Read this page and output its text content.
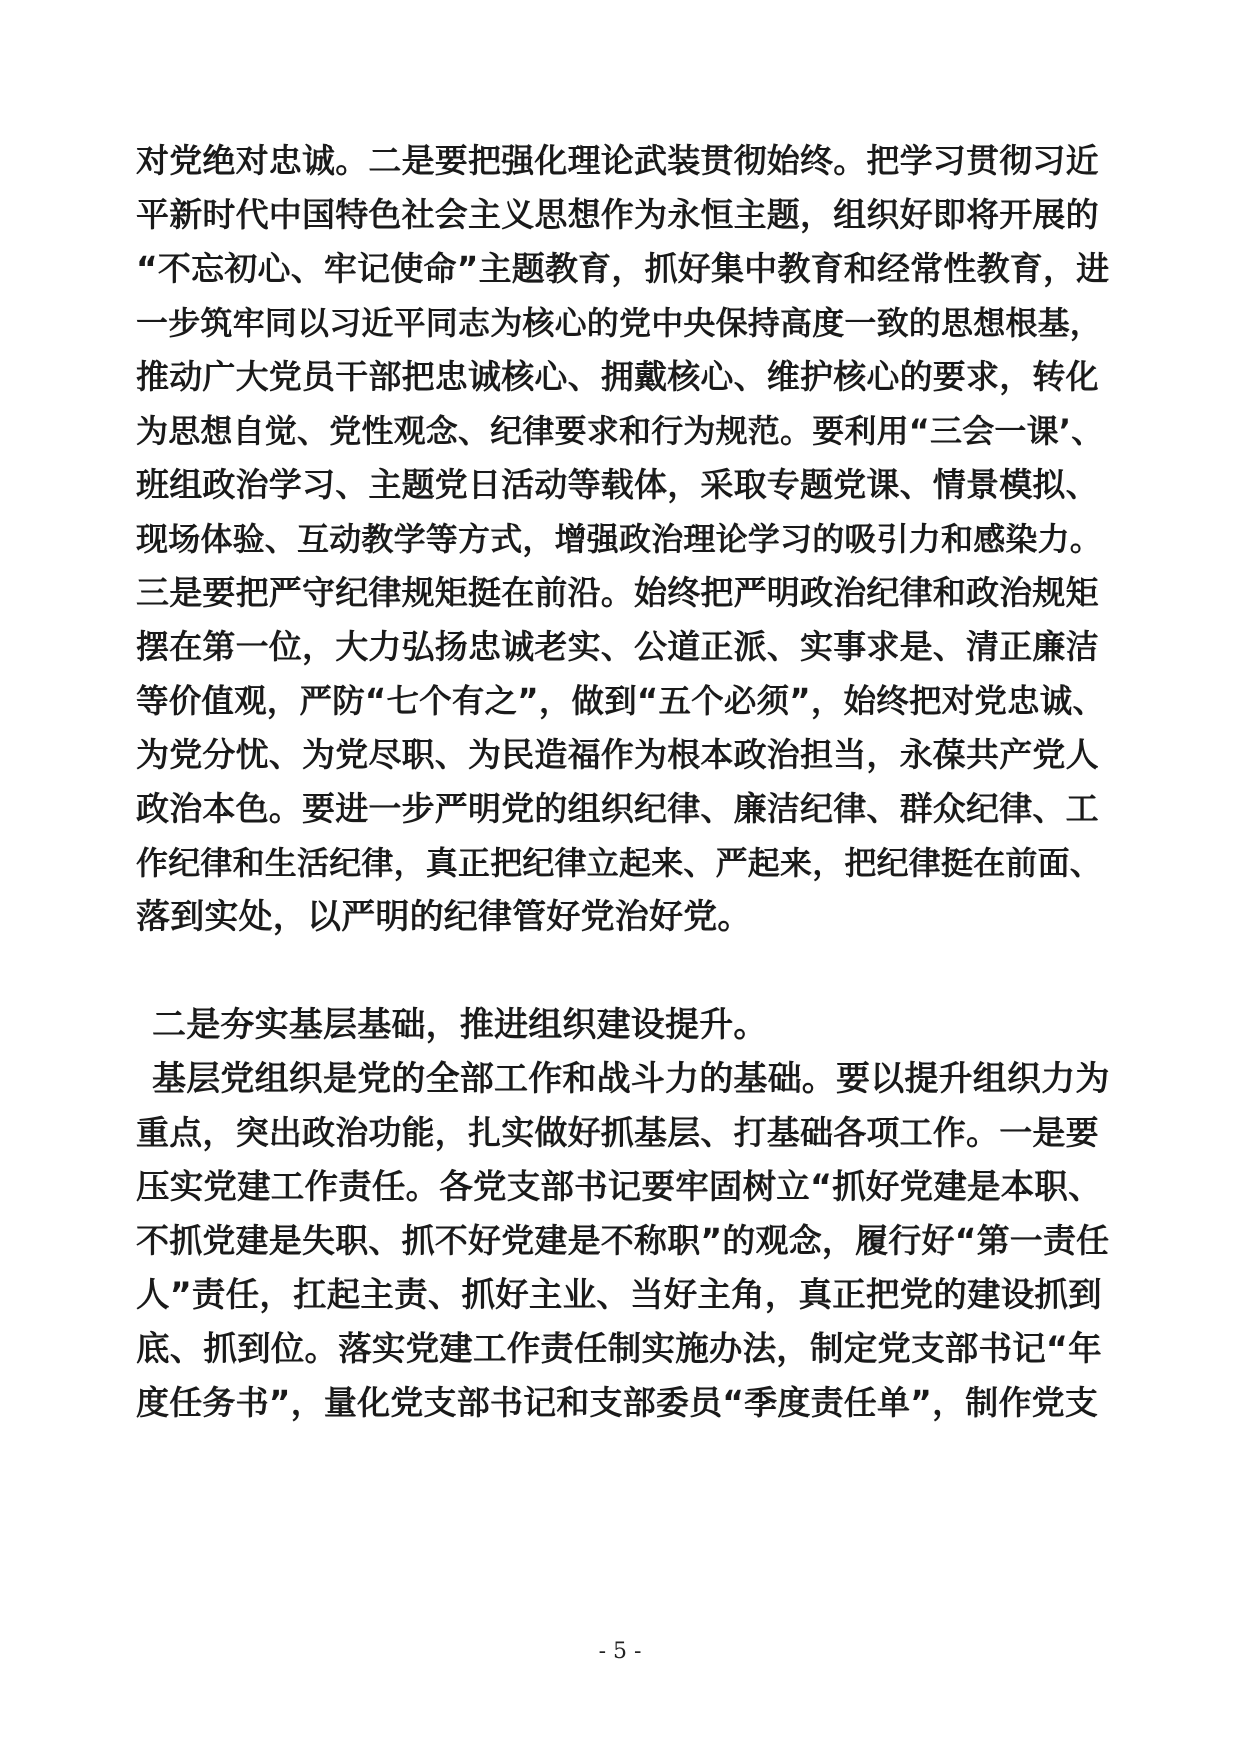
对党绝对忠诚。二是要把强化理论武装贯彻始终。把学习贯彻习近

平新时代中国特色社会主义思想作为永恒主题，组织好即将开展的

“不忘初心、牢记使命”主题教育，抓好集中教育和经常性教育，进

一步筑牢同以习近平同志为核心的党中央保持高度一致的思想根基，

推动广大党员干部把忠诚核心、拥戴核心、维护核心的要求，转化

为思想自觉、党性观念、纪律要求和行为规范。要利用“三会一课’、

班组政治学习、主题党日活动等载体，采取专题党课、情景模拟、

现场体验、互动教学等方式，增强政治理论学习的吸引力和感染力。

三是要把严守纪律规矩挺在前沿。始终把严明政治纪律和政治规矩

摆在第一位，大力弘扬忠诚老实、公道正派、实事求是、清正廉洁

等价值观，严防“七个有之”，做到“五个必须”，始终把对党忠诚、

为党分忧、为党尽职、为民造福作为根本政治担当，永葆共产党人

政治本色。要进一步严明党的组织纪律、廉洁纪律、群众纪律、工

作纪律和生活纪律，真正把纪律立起来、严起来，把纪律挺在前面、

落到实处，以严明的纪律管好党治好党。

二是夯实基层基础，推进组织建设提升。

基层党组织是党的全部工作和战斗力的基础。要以提升组织力为

重点，突出政治功能，扎实做好抓基层、打基础各项工作。一是要

压实党建工作责任。各党支部书记要牢固树立“抓好党建是本职、

不抓党建是失职、抓不好党建是不称职”的观念，履行好“第一责任

人”责任，扛起主责、抓好主业、当好主角，真正把党的建设抓到

底、抓到位。落实党建工作责任制实施办法，制定党支部书记“年

度任务书”，量化党支部书记和支部委员“季度责任单”，制作党支

- 5 -
